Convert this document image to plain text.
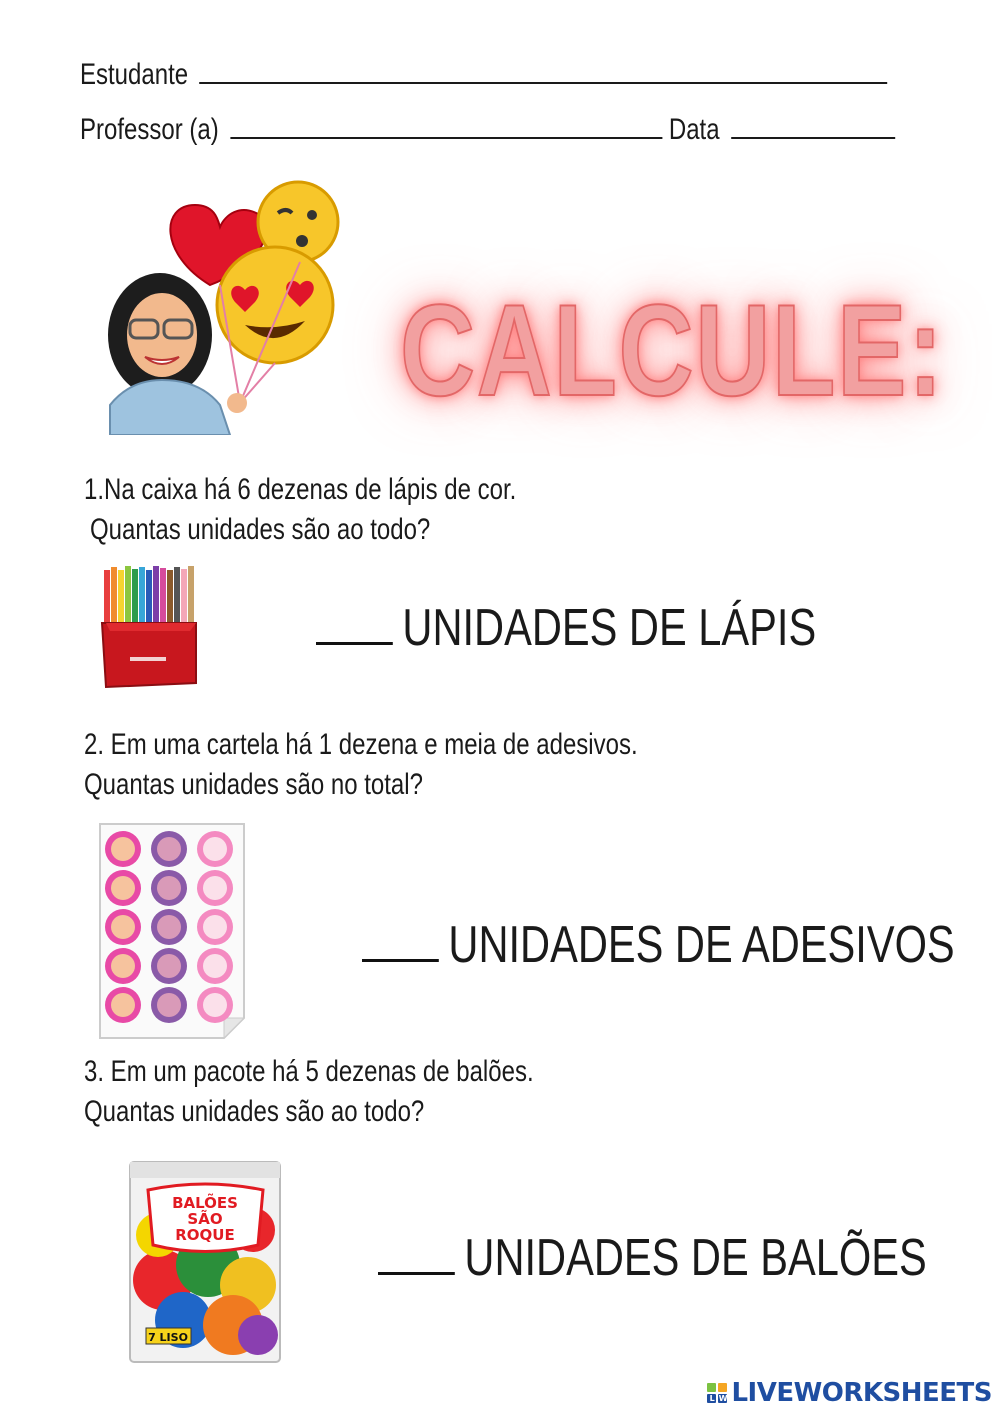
Estudante
Professor (a)	Data
CALCULE:
1.Na caixa há 6 dezenas de lápis de cor.
Quantas unidades são ao todo?
UNIDADES DE LÁPIS
2. Em uma cartela há 1 dezena e meia de adesivos.
Quantas unidades são no total?
UNIDADES DE ADESIVOS
3. Em um pacote há 5 dezenas de balões.
Quantas unidades são ao todo?
BALÕES
SÃO
ROQUE
7 LISO
UNIDADES DE BALÕES
L W LIVEWORKSHEETS
